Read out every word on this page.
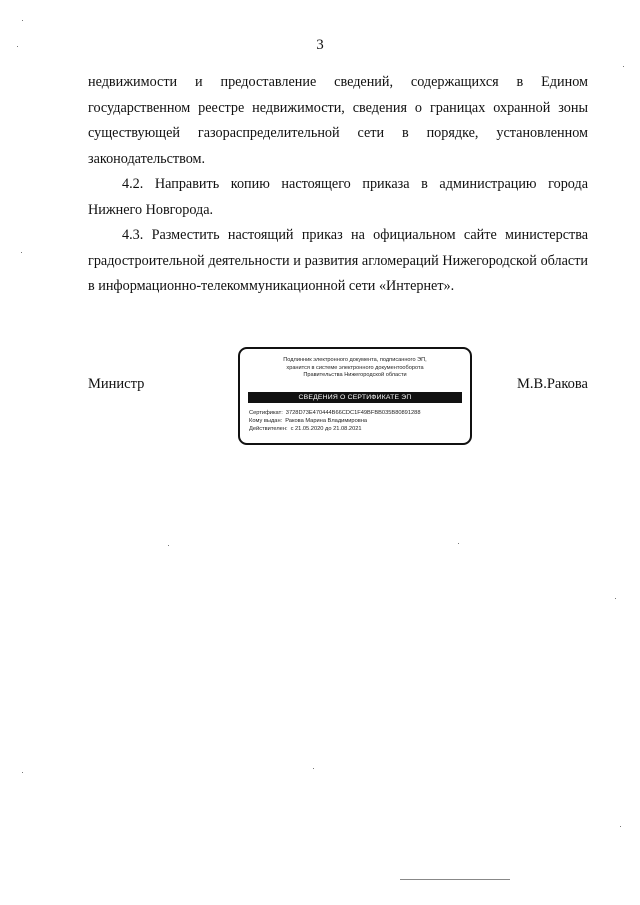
3

недвижимости и предоставление сведений, содержащихся в Едином государственном реестре недвижимости, сведения о границах охранной зоны существующей газораспределительной сети в порядке, установленном законодательством.

4.2. Направить копию настоящего приказа в администрацию города Нижнего Новгорода.

4.3. Разместить настоящий приказ на официальном сайте министерства градостроительной деятельности и развития агломераций Нижегородской области в информационно-телекоммуникационной сети «Интернет».

Министр	М.В.Ракова
Подлинник электронного документа, подписанного ЭП,
хранится в системе электронного документооборота
Правительства Нижегородской области
СВЕДЕНИЯ О СЕРТИФИКАТЕ ЭП
Сертификат: 3728D73E470444B66CDC1F49BFBB035B80891288
Кому выдан: Ракова Марина Владимировна
Действителен: с 21.05.2020 до 21.08.2021
